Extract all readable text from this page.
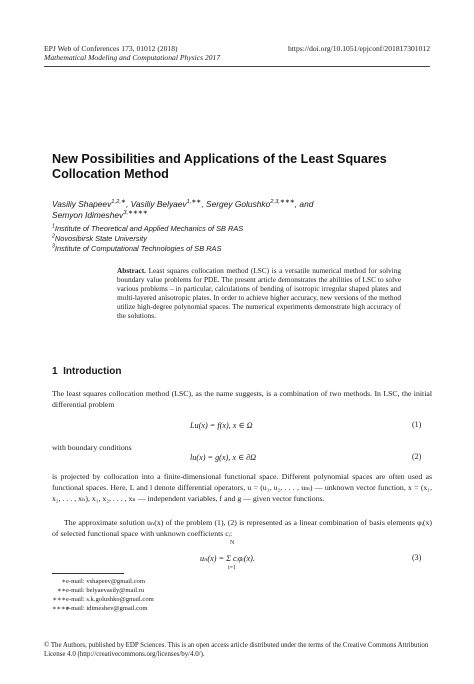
EPJ Web of Conferences 173, 01012 (2018)
Mathematical Modeling and Computational Physics 2017
https://doi.org/10.1051/epjconf/201817301012
New Possibilities and Applications of the Least Squares Collocation Method
Vasiliy Shapeev$^{1,2,∗}$, Vasiliy Belyaev$^{1,∗∗}$, Sergey Golushko$^{2,3,∗∗∗}$, and
Semyon Idimeshev$^{3,∗∗∗∗}$
$^1$Institute of Theoretical and Applied Mechanics of SB RAS
$^2$Novosibirsk State University
$^3$Institute of Computational Technologies of SB RAS
Abstract. Least squares collocation method (LSC) is a versatile numerical method for solving boundary value problems for PDE. The present article demonstrates the abilities of LSC to solve various problems – in particular, calculations of bending of isotropic irregular shaped plates and multi-layered anisotropic plates. In order to achieve higher accuracy, new versions of the method utilize high-degree polynomial spaces. The numerical experiments demonstrate high accuracy of the solutions.
1 Introduction
The least squares collocation method (LSC), as the name suggests, is a combination of two methods. In LSC, the initial differential problem
Lu(x) = f(x), x ∈ Ω	(1)
with boundary conditions
lu(x) = g(x), x ∈ ∂Ω	(2)
is projected by collocation into a finite-dimensional functional space. Different polynomial spaces are often used as functional spaces. Here, L and l denote differential operators, u = (u₁, u₂, . . . , uₘ) — unknown vector function, x = (x₁, x₂, . . . , xₙ), x₁, x₂, . . . , xₙ — independent variables, f and g — given vector functions.
The approximate solution uₙ(x) of the problem (1), (2) is represented as a linear combination of basis elements φᵢ(x) of selected functional space with unknown coefficients cᵢ:
N
uₙ(x) = Σ cᵢφᵢ(x).
i=1
(3)
∗e-mail: vshapeev@gmail.com
∗∗e-mail: belyaevasily@mail.ru
∗∗∗e-mail: s.k.golushko@gmail.com
∗∗∗∗e-mail: idimeshev@gmail.com
© The Authors, published by EDP Sciences. This is an open access article distributed under the terms of the Creative Commons Attribution License 4.0 (http://creativecommons.org/licenses/by/4.0/).
